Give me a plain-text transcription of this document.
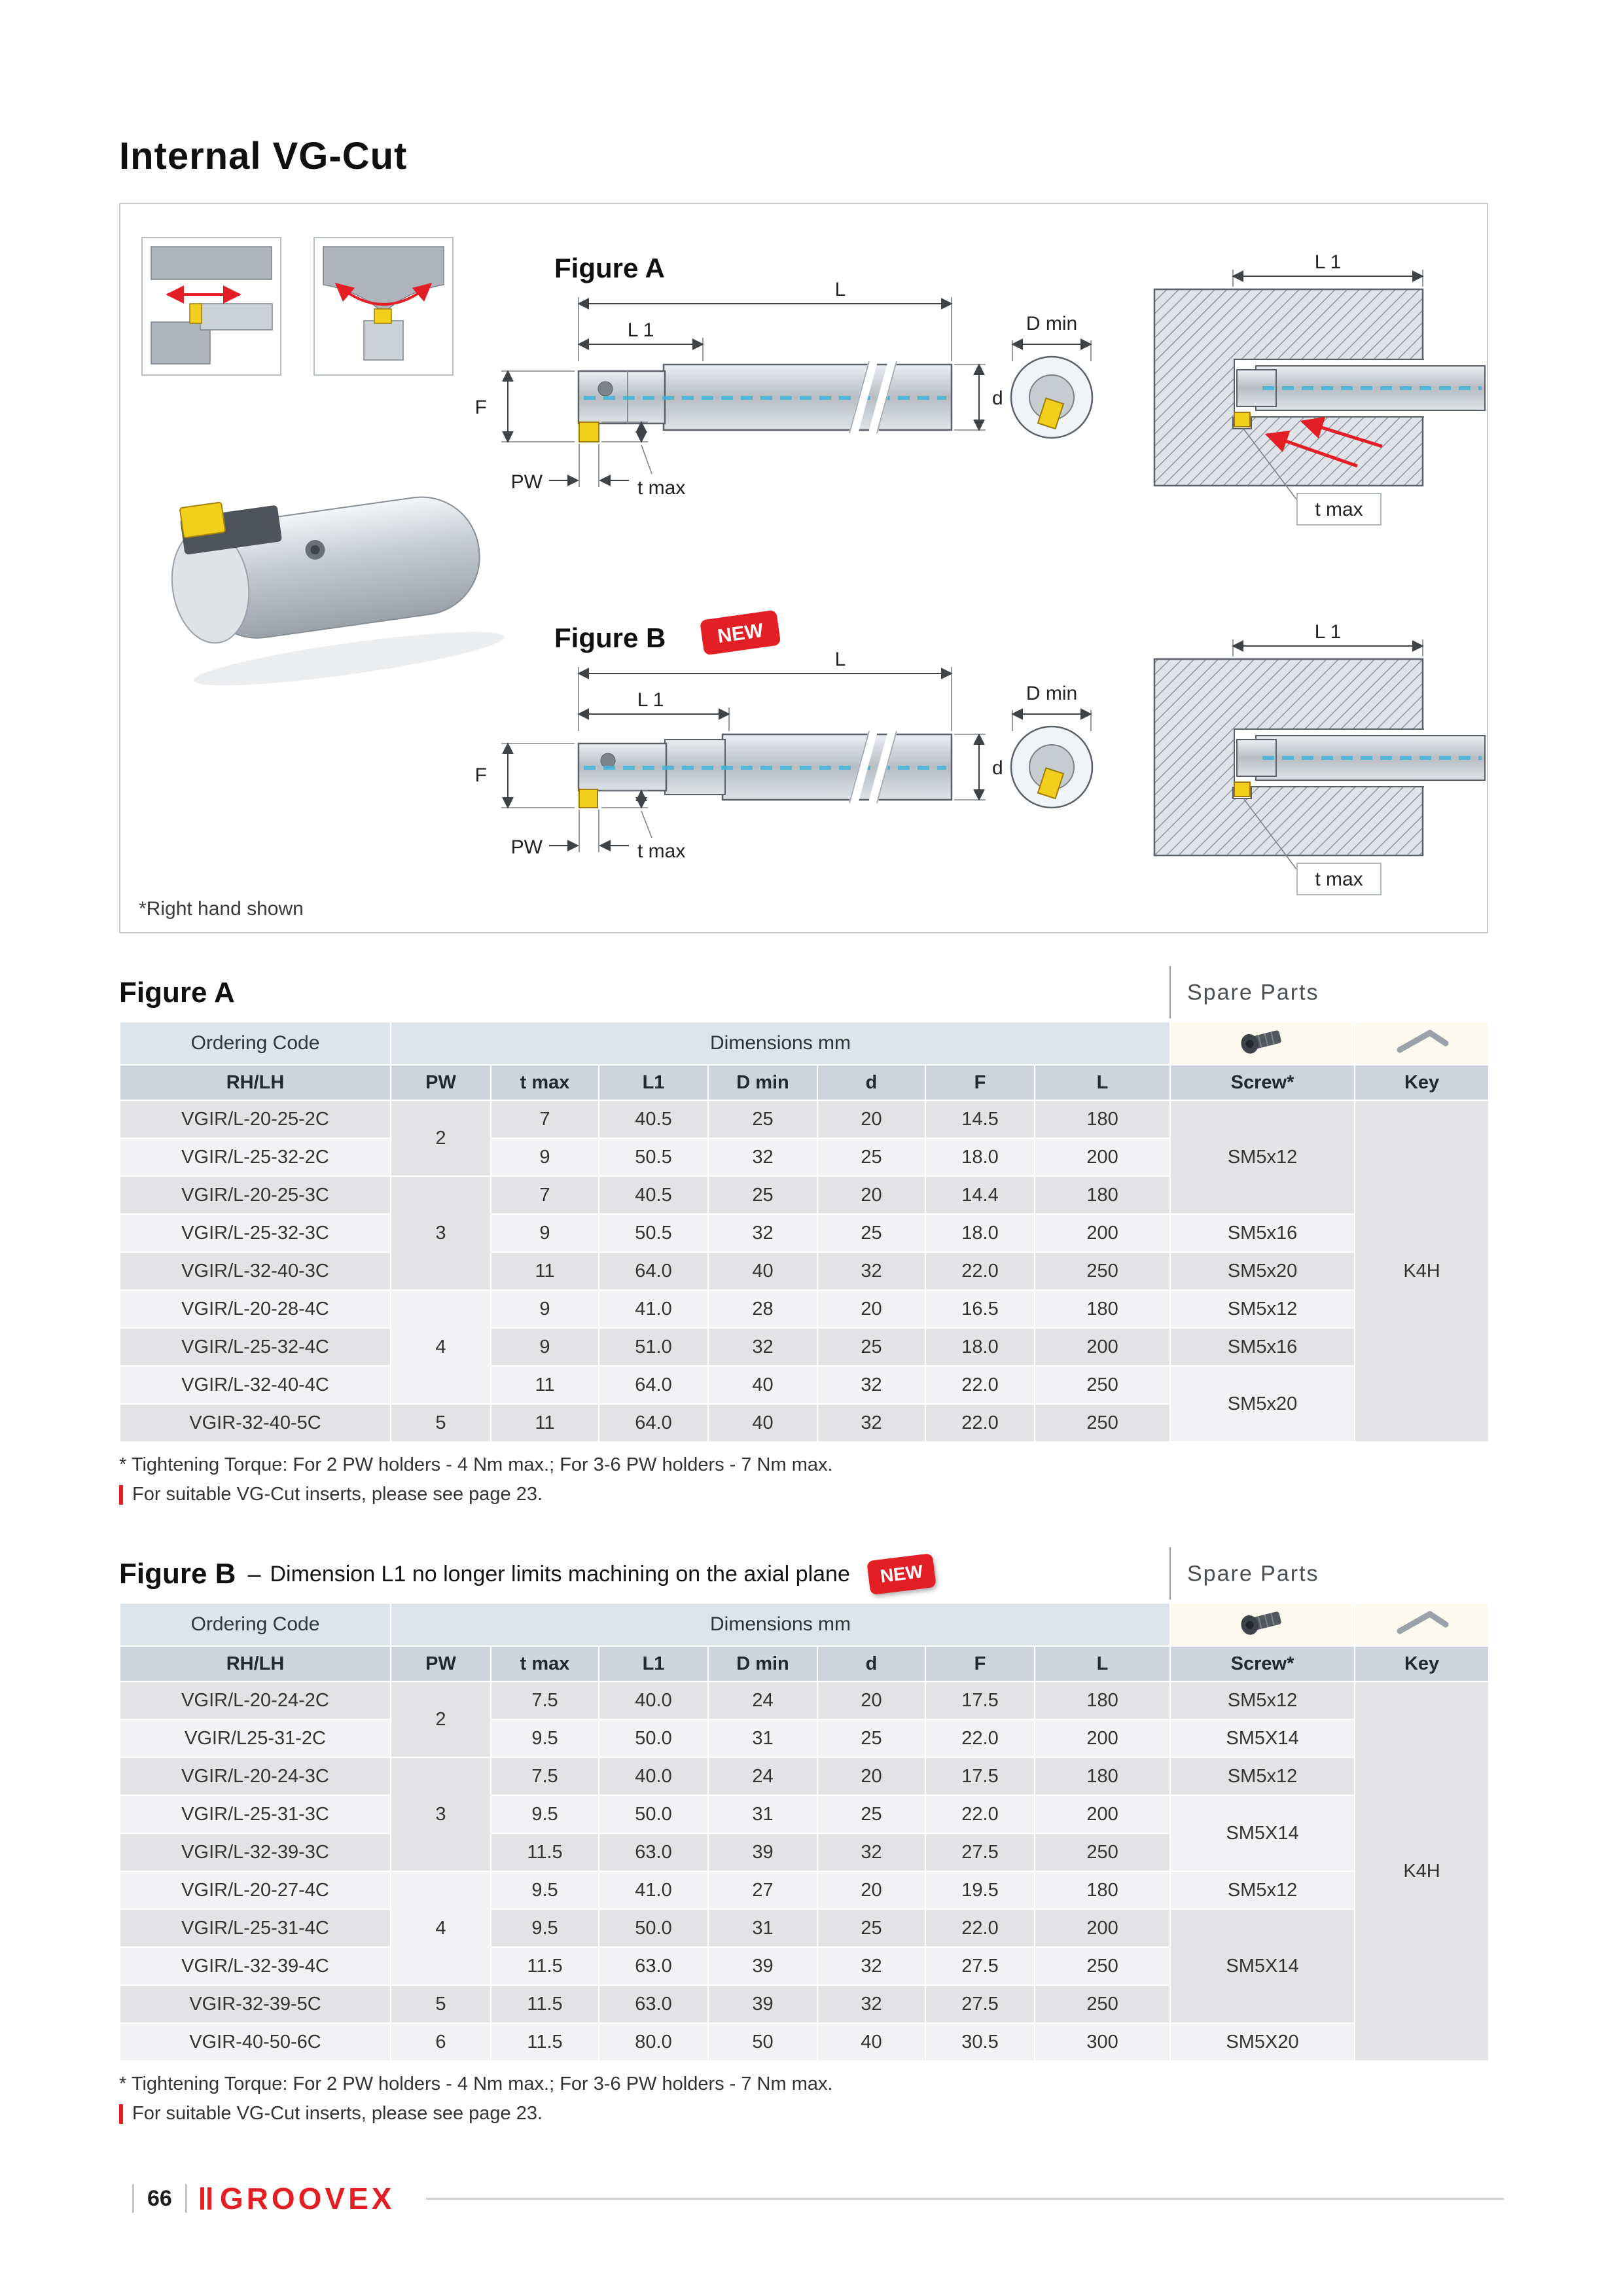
Internal VG-Cut
Figure A
L
L 1
F
PW	t max
d
D min
L 1
t max
Figure B	NEW
L
L 1
F
PW	t max
d
D min
L 1
t max
*Right hand shown
Figure A	Spare Parts
Ordering Code	Dimensions mm		
RH/LH	PW	t max	L1	D min	d	F	L	Screw*	Key
VGIR/L-20-25-2C	2	7	40.5	25	20	14.5	180	SM5x12	K4H
VGIR/L-25-32-2C		9	50.5	32	25	18.0	200		
VGIR/L-20-25-3C	3	7	40.5	25	20	14.4	180		
VGIR/L-25-32-3C		9	50.5	32	25	18.0	200	SM5x16	
VGIR/L-32-40-3C		11	64.0	40	32	22.0	250	SM5x20	
VGIR/L-20-28-4C	4	9	41.0	28	20	16.5	180	SM5x12	
VGIR/L-25-32-4C		9	51.0	32	25	18.0	200	SM5x16	
VGIR/L-32-40-4C		11	64.0	40	32	22.0	250	SM5x20	
VGIR-32-40-5C	5	11	64.0	40	32	22.0	250		
* Tightening Torque: For 2 PW holders - 4 Nm max.; For 3-6 PW holders - 7 Nm max.
For suitable VG-Cut inserts, please see page 23.
Figure B – Dimension L1 no longer limits machining on the axial plane	NEW	Spare Parts
Ordering Code	Dimensions mm		
RH/LH	PW	t max	L1	D min	d	F	L	Screw*	Key
VGIR/L-20-24-2C	2	7.5	40.0	24	20	17.5	180	SM5x12	K4H
VGIR/L25-31-2C		9.5	50.0	31	25	22.0	200	SM5X14	
VGIR/L-20-24-3C	3	7.5	40.0	24	20	17.5	180	SM5x12	
VGIR/L-25-31-3C		9.5	50.0	31	25	22.0	200	SM5X14	
VGIR/L-32-39-3C		11.5	63.0	39	32	27.5	250		
VGIR/L-20-27-4C	4	9.5	41.0	27	20	19.5	180	SM5x12	
VGIR/L-25-31-4C		9.5	50.0	31	25	22.0	200	SM5X14	
VGIR/L-32-39-4C		11.5	63.0	39	32	27.5	250		
VGIR-32-39-5C	5	11.5	63.0	39	32	27.5	250		
VGIR-40-50-6C	6	11.5	80.0	50	40	30.5	300	SM5X20	
* Tightening Torque: For 2 PW holders - 4 Nm max.; For 3-6 PW holders - 7 Nm max.
For suitable VG-Cut inserts, please see page 23.
66 GROOVEX
